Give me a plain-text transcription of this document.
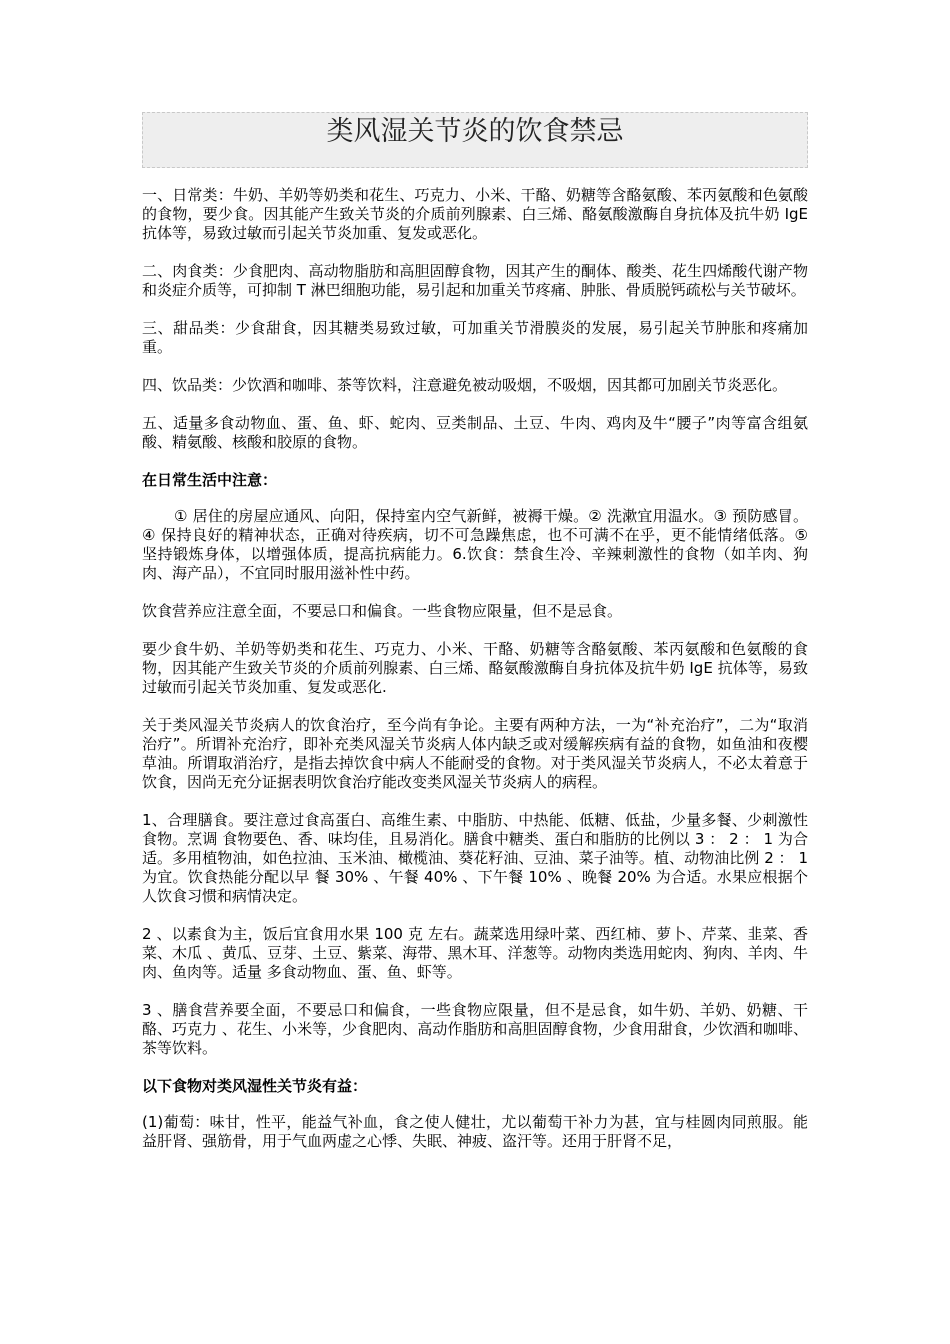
类风湿关节炎的饮食禁忌

一、日常类：牛奶、羊奶等奶类和花生、巧克力、小米、干酪、奶糖等含酪氨酸、苯丙氨酸和色氨酸的食物，要少食。因其能产生致关节炎的介质前列腺素、白三烯、酪氨酸激酶自身抗体及抗牛奶 IgE 抗体等，易致过敏而引起关节炎加重、复发或恶化。

二、肉食类：少食肥肉、高动物脂肪和高胆固醇食物，因其产生的酮体、酸类、花生四烯酸代谢产物和炎症介质等，可抑制 T 淋巴细胞功能，易引起和加重关节疼痛、肿胀、骨质脱钙疏松与关节破坏。

三、甜品类：少食甜食，因其糖类易致过敏，可加重关节滑膜炎的发展，易引起关节肿胀和疼痛加重。

四、饮品类：少饮酒和咖啡、茶等饮料，注意避免被动吸烟，不吸烟，因其都可加剧关节炎恶化。

五、适量多食动物血、蛋、鱼、虾、蛇肉、豆类制品、土豆、牛肉、鸡肉及牛“腰子”肉等富含组氨酸、精氨酸、核酸和胶原的食物。

在日常生活中注意：

① 居住的房屋应通风、向阳，保持室内空气新鲜，被褥干燥。② 洗漱宜用温水。③ 预防感冒。④ 保持良好的精神状态，正确对待疾病，切不可急躁焦虑，也不可满不在乎，更不能情绪低落。⑤ 坚持锻炼身体，以增强体质，提高抗病能力。6.饮食：禁食生冷、辛辣刺激性的食物（如羊肉、狗肉、海产品），不宜同时服用滋补性中药。

饮食营养应注意全面，不要忌口和偏食。一些食物应限量，但不是忌食。

要少食牛奶、羊奶等奶类和花生、巧克力、小米、干酪、奶糖等含酪氨酸、苯丙氨酸和色氨酸的食物，因其能产生致关节炎的介质前列腺素、白三烯、酪氨酸激酶自身抗体及抗牛奶 IgE 抗体等，易致过敏而引起关节炎加重、复发或恶化.

关于类风湿关节炎病人的饮食治疗，至今尚有争论。主要有两种方法，一为“补充治疗”，二为“取消治疗”。所谓补充治疗，即补充类风湿关节炎病人体内缺乏或对缓解疾病有益的食物，如鱼油和夜樱草油。所谓取消治疗，是指去掉饮食中病人不能耐受的食物。对于类风湿关节炎病人，不必太着意于饮食，因尚无充分证据表明饮食治疗能改变类风湿关节炎病人的病程。

1、合理膳食。要注意过食高蛋白、高维生素、中脂肪、中热能、低糖、低盐，少量多餐、少刺激性食物。烹调 食物要色、香、味均佳，且易消化。膳食中糖类、蛋白和脂肪的比例以 3 ： 2 ： 1 为合适。多用植物油，如色拉油、玉米油、橄榄油、葵花籽油、豆油、菜子油等。植、动物油比例 2 ： 1 为宜。饮食热能分配以早 餐 30% 、午餐 40% 、下午餐 10% 、晚餐 20% 为合适。水果应根据个人饮食习惯和病情决定。

2 、以素食为主，饭后宜食用水果 100 克 左右。蔬菜选用绿叶菜、西红柿、萝卜、芹菜、韭菜、香菜、木瓜 、黄瓜、豆芽、土豆、紫菜、海带、黑木耳、洋葱等。动物肉类选用蛇肉、狗肉、羊肉、牛肉、鱼肉等。适量 多食动物血、蛋、鱼、虾等。

3 、膳食营养要全面，不要忌口和偏食，一些食物应限量，但不是忌食，如牛奶、羊奶、奶糖、干酪、巧克力 、花生、小米等，少食肥肉、高动作脂肪和高胆固醇食物，少食用甜食，少饮酒和咖啡、茶等饮料。

以下食物对类风湿性关节炎有益：

(1)葡萄：味甘，性平，能益气补血，食之使人健壮，尤以葡萄干补力为甚，宜与桂圆肉同煎服。能益肝肾、强筋骨，用于气血两虚之心悸、失眠、神疲、盗汗等。还用于肝肾不足，
